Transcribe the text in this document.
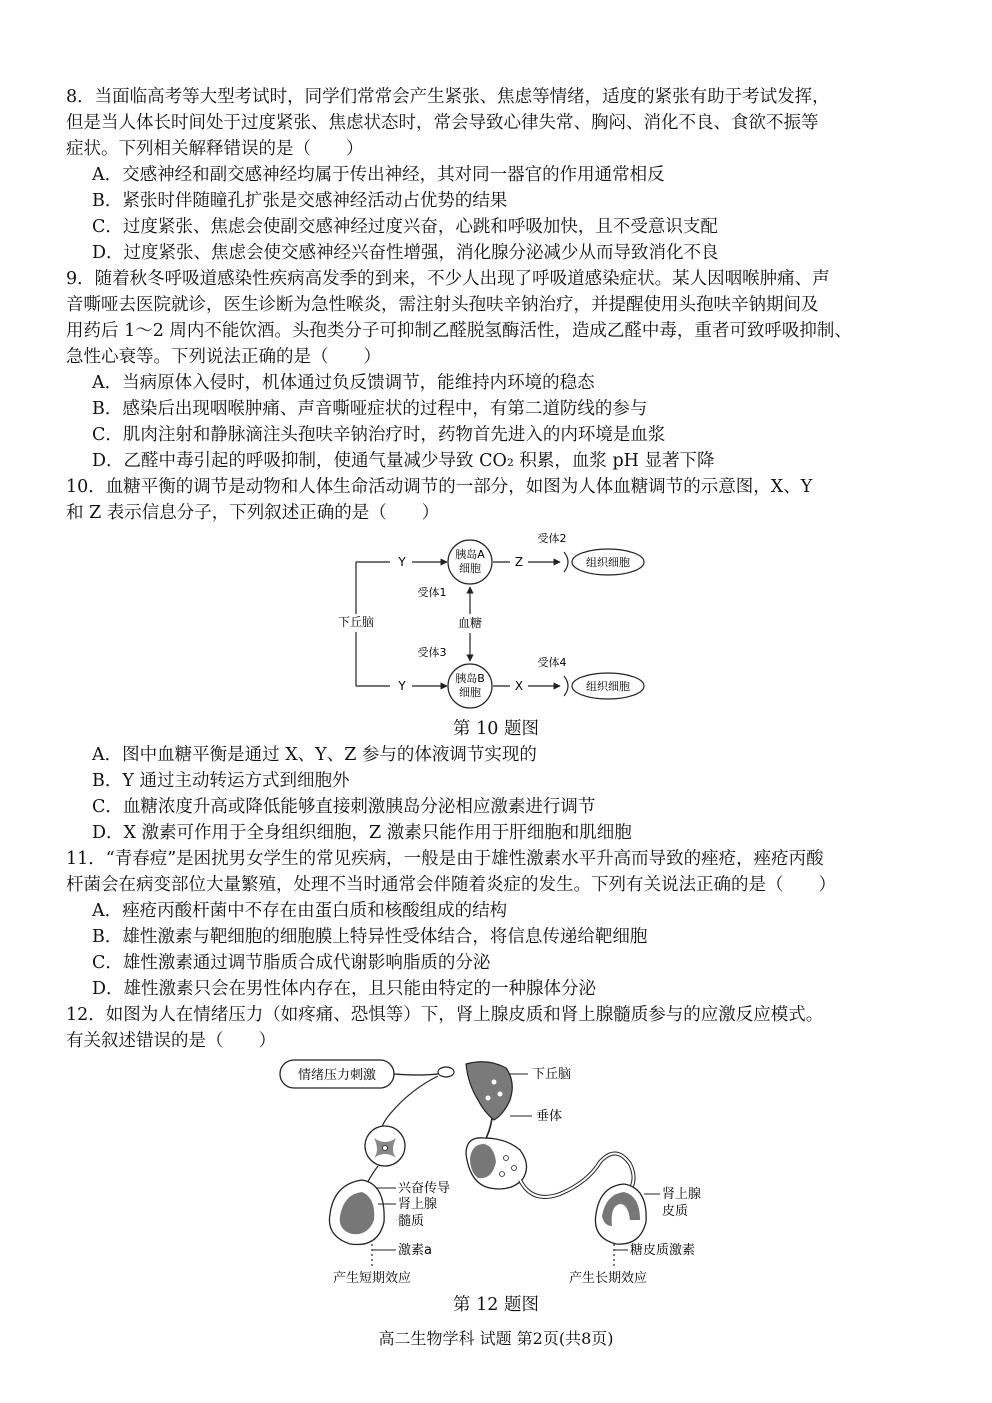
8．当面临高考等大型考试时，同学们常常会产生紧张、焦虑等情绪，适度的紧张有助于考试发挥，
但是当人体长时间处于过度紧张、焦虑状态时，常会导致心律失常、胸闷、消化不良、食欲不振等
症状。下列相关解释错误的是（　　）
A．交感神经和副交感神经均属于传出神经，其对同一器官的作用通常相反
B．紧张时伴随瞳孔扩张是交感神经活动占优势的结果
C．过度紧张、焦虑会使副交感神经过度兴奋，心跳和呼吸加快，且不受意识支配
D．过度紧张、焦虑会使交感神经兴奋性增强，消化腺分泌减少从而导致消化不良
9．随着秋冬呼吸道感染性疾病高发季的到来，不少人出现了呼吸道感染症状。某人因咽喉肿痛、声
音嘶哑去医院就诊，医生诊断为急性喉炎，需注射头孢呋辛钠治疗，并提醒使用头孢呋辛钠期间及
用药后 1～2 周内不能饮酒。头孢类分子可抑制乙醛脱氢酶活性，造成乙醛中毒，重者可致呼吸抑制、
急性心衰等。下列说法正确的是（　　）
A．当病原体入侵时，机体通过负反馈调节，能维持内环境的稳态
B．感染后出现咽喉肿痛、声音嘶哑症状的过程中，有第二道防线的参与
C．肌肉注射和静脉滴注头孢呋辛钠治疗时，药物首先进入的内环境是血浆
D．乙醛中毒引起的呼吸抑制，使通气量减少导致 CO₂ 积累，血浆 pH 显著下降
10．血糖平衡的调节是动物和人体生命活动调节的一部分，如图为人体血糖调节的示意图，X、Y
和 Z 表示信息分子，下列叙述正确的是（　　）
下丘脑
Y
Y
胰岛A
细胞
胰岛B
细胞
血糖
受体1
受体3
Z
受体2
组织细胞
X
受体4
组织细胞
第 10 题图
A．图中血糖平衡是通过 X、Y、Z 参与的体液调节实现的
B．Y 通过主动转运方式到细胞外
C．血糖浓度升高或降低能够直接刺激胰岛分泌相应激素进行调节
D．X 激素可作用于全身组织细胞，Z 激素只能作用于肝细胞和肌细胞
11．“青春痘”是困扰男女学生的常见疾病，一般是由于雄性激素水平升高而导致的痤疮，痤疮丙酸
杆菌会在病变部位大量繁殖，处理不当时通常会伴随着炎症的发生。下列有关说法正确的是（　　）
A．痤疮丙酸杆菌中不存在由蛋白质和核酸组成的结构
B．雄性激素与靶细胞的细胞膜上特异性受体结合，将信息传递给靶细胞
C．雄性激素通过调节脂质合成代谢影响脂质的分泌
D．雄性激素只会在男性体内存在，且只能由特定的一种腺体分泌
12．如图为人在情绪压力（如疼痛、恐惧等）下，肾上腺皮质和肾上腺髓质参与的应激反应模式。
有关叙述错误的是（　　）
情绪压力刺激
兴奋传导
肾上腺
髓质
激素a
产生短期效应
下丘脑
垂体
肾上腺
皮质
糖皮质激素
产生长期效应
第 12 题图
高二生物学科 试题 第2页(共8页)
